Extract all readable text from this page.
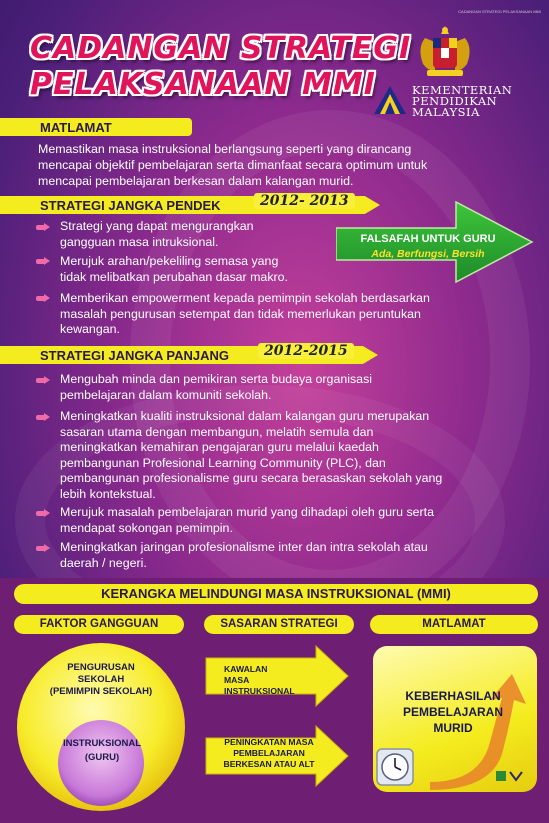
CADANGAN STRATEGI PELAKSANAAN MMI
CADANGAN STRATEGI
PELAKSANAAN MMI	KEMENTERIAN
PENDIDIKAN
MALAYSIA
MATLAMAT
Memastikan masa instruksional berlangsung seperti yang dirancang
mencapai objektif pembelajaran serta dimanfaat secara optimum untuk
mencapai pembelajaran berkesan dalam kalangan murid.
STRATEGI JANGKA PENDEK	2012- 2013
Strategi yang dapat mengurangkan
gangguan masa intruksional.
Merujuk arahan/pekeliling semasa yang
tidak melibatkan perubahan dasar makro.
Memberikan empowerment kepada pemimpin sekolah berdasarkan
masalah pengurusan setempat dan tidak memerlukan peruntukan
kewangan.
FALSAFAH UNTUK GURU
Ada, Berfungsi, Bersih
STRATEGI JANGKA PANJANG	2012-2015
Mengubah minda dan pemikiran serta budaya organisasi
pembelajaran dalam komuniti sekolah.
Meningkatkan kualiti instruksional dalam kalangan guru merupakan
sasaran utama dengan membangun, melatih semula dan
meningkatkan kemahiran pengajaran guru melalui kaedah
pembangunan Profesional Learning Community (PLC), dan
pembangunan profesionalisme guru secara berasaskan sekolah yang
lebih kontekstual.
Merujuk masalah pembelajaran murid yang dihadapi oleh guru serta
mendapat sokongan pemimpin.
Meningkatkan jaringan profesionalisme inter dan intra sekolah atau
daerah / negeri.
KERANGKA MELINDUNGI MASA INSTRUKSIONAL (MMI)
FAKTOR GANGGUAN	SASARAN STRATEGI	MATLAMAT
PENGURUSAN
SEKOLAH
(PEMIMPIN SEKOLAH)
INSTRUKSIONAL
(GURU)
KAWALAN
MASA
INSTRUKSIONAL
PENINGKATAN MASA
PEMBELAJARAN
BERKESAN ATAU ALT
KEBERHASILAN
PEMBELAJARAN
MURID
